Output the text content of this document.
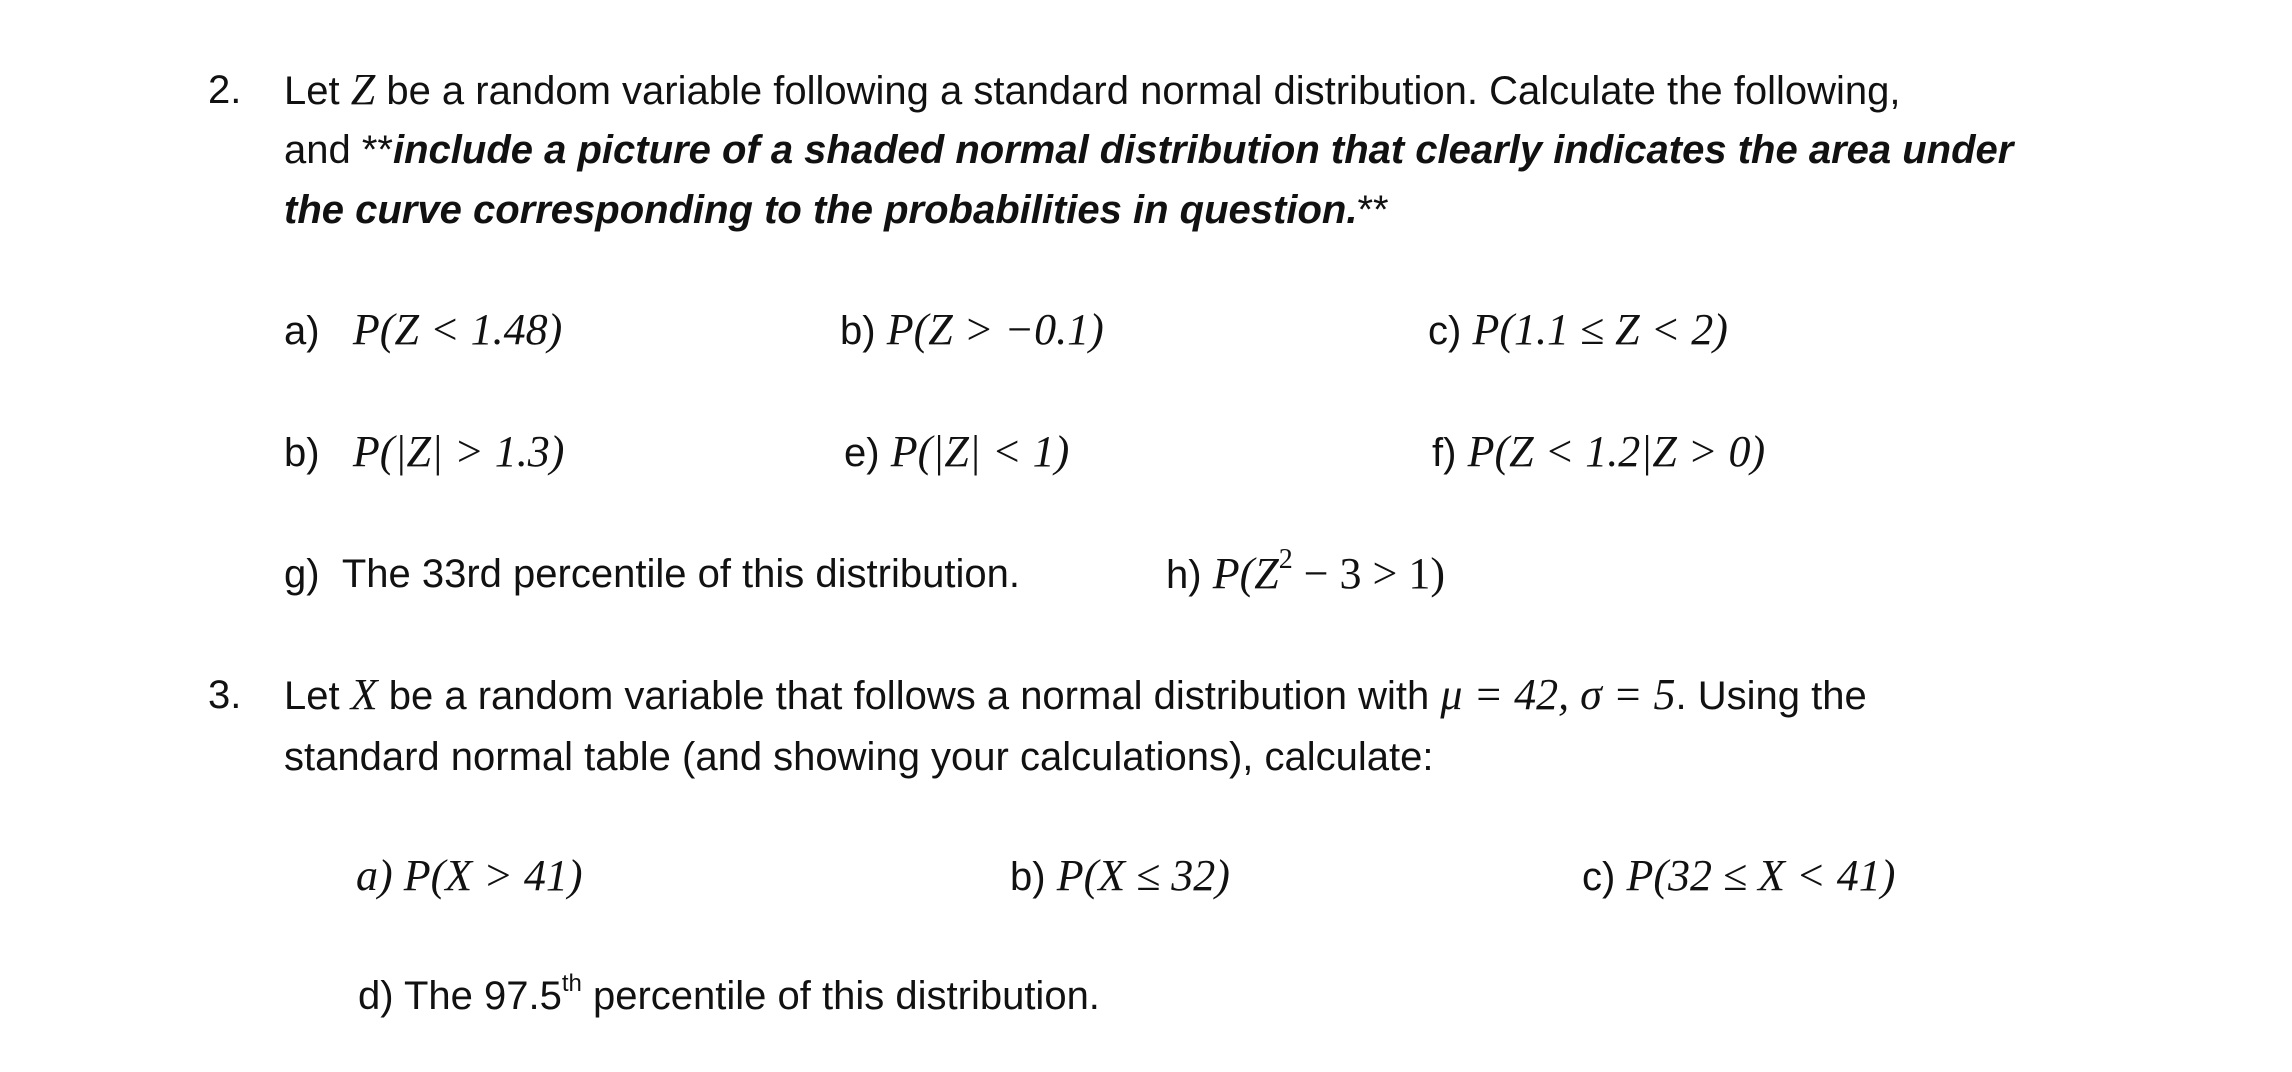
2. Let Z be a random variable following a standard normal distribution. Calculate the following,
and **include a picture of a shaded normal distribution that clearly indicates the area under
the curve corresponding to the probabilities in question.**
a) P(Z < 1.48)	b) P(Z > −0.1)	c) P(1.1 ≤ Z < 2)
b) P(|Z| > 1.3)	e) P(|Z| < 1)	f) P(Z < 1.2|Z > 0)
g) The 33rd percentile of this distribution.	h) $P(Z^2 - 3 > 1)$
3. Let X be a random variable that follows a normal distribution with μ = 42, σ = 5. Using the
standard normal table (and showing your calculations), calculate:
a) P(X > 41)	b) P(X ≤ 32)	c) P(32 ≤ X < 41)
d) The 97.5th percentile of this distribution.
